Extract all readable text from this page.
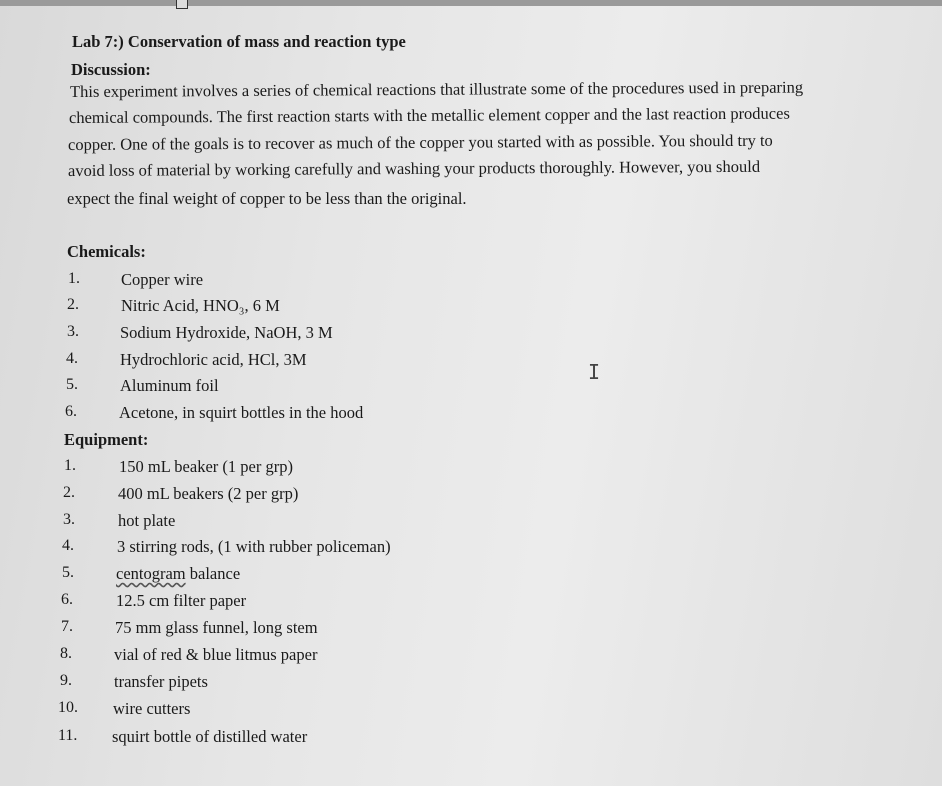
Lab 7:) Conservation of mass and reaction type
Discussion:
This experiment involves a series of chemical reactions that illustrate some of the procedures used in preparing
chemical compounds. The first reaction starts with the metallic element copper and the last reaction produces
copper. One of the goals is to recover as much of the copper you started with as possible. You should try to
avoid loss of material by working carefully and washing your products thoroughly. However, you should
expect the final weight of copper to be less than the original.
Chemicals:
1. Copper wire
2.	Nitric Acid, HNO₃, 6 M
3. Sodium Hydroxide, NaOH, 3 M
4.	Hydrochloric acid, HCl, 3M
5.	Aluminum foil
6.	Acetone, in squirt bottles in the hood
Equipment:
1.	150 mL beaker (1 per grp)
2.	400 mL beakers (2 per grp)
3.	hot plate
4.	3 stirring rods, (1 with rubber policeman)
5.	centogram balance
6.	12.5 cm filter paper
7.	75 mm glass funnel, long stem
8.	vial of red & blue litmus paper
9.	transfer pipets
10. wire cutters
11. squirt bottle of distilled water
I
